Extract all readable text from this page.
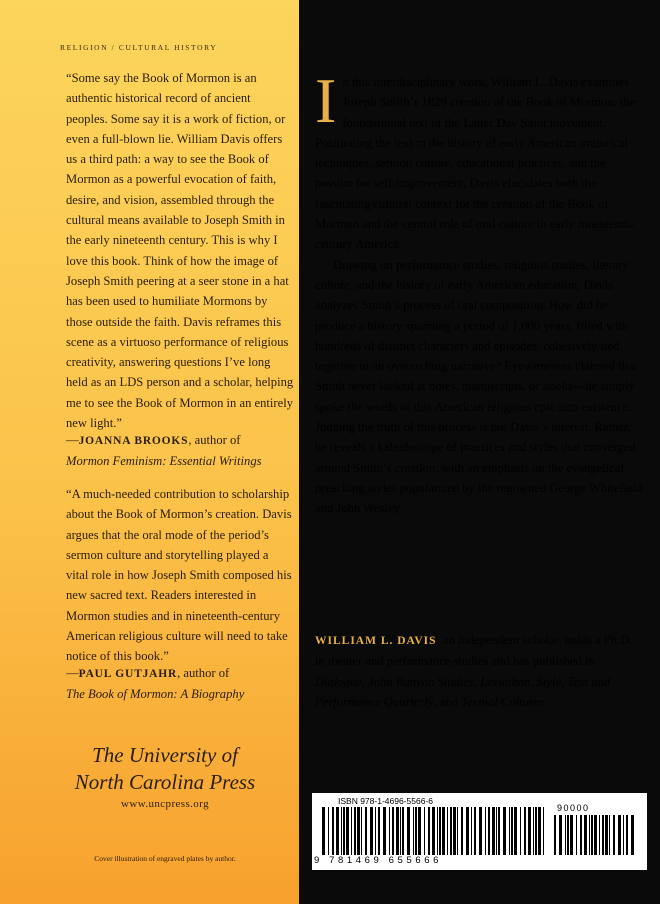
RELIGION / CULTURAL HISTORY

“Some say the Book of Mormon is an authentic historical record of ancient peoples. Some say it is a work of fiction, or even a full-blown lie. William Davis offers us a third path: a way to see the Book of Mormon as a powerful evocation of faith, desire, and vision, assembled through the cultural means available to Joseph Smith in the early nineteenth century. This is why I love this book. Think of how the image of Joseph Smith peering at a seer stone in a hat has been used to humiliate Mormons by those outside the faith. Davis reframes this scene as a virtuoso performance of religious creativity, answering questions I’ve long held as an LDS person and a scholar, helping me to see the Book of Mormon in an entirely new light.”

—JOANNA BROOKS, author of
Mormon Feminism: Essential Writings

“A much-needed contribution to scholarship about the Book of Mormon’s creation. Davis argues that the oral mode of the period’s sermon culture and storytelling played a vital role in how Joseph Smith composed his new sacred text. Readers interested in Mormon studies and in nineteenth-century American religious culture will need to take notice of this book.”

—PAUL GUTJAHR, author of
The Book of Mormon: A Biography
The University of
North Carolina Press
www.uncpress.org
Cover illustration of engraved plates by author.

In this interdisciplinary work, William L. Davis examines Joseph Smith’s 1829 creation of the Book of Mormon, the foundational text of the Latter Day Saint movement. Positioning the text in the history of early American oratorical techniques, sermon culture, educational practices, and the passion for self-improvement, Davis elucidates both the fascinating cultural context for the creation of the Book of Mormon and the central role of oral culture in early nineteenth-century America.

Drawing on performance studies, religious studies, literary culture, and the history of early American education, Davis analyzes Smith’s process of oral composition. How did he produce a history spanning a period of 1,000 years, filled with hundreds of distinct characters and episodes, cohesively tied together in an overarching narrative? Eyewitnesses claimed that Smith never looked at notes, manuscripts, or books—he simply spoke the words of this American religious epic into existence. Judging the truth of this process is not Davis’s interest. Rather, he reveals a kaleidoscope of practices and styles that converged around Smith’s creation, with an emphasis on the evangelical preaching styles popularized by the renowned George Whitefield and John Wesley.

WILLIAM L. DAVIS, an independent scholar, holds a Ph.D. in theater and performance studies and has published in Dialogue, John Bunyan Studies, Leviathan, Style, Text and Performance Quarterly, and Textual Cultures.

ISBN 978-1-4696-5566-6
90000
9 781469 655666
